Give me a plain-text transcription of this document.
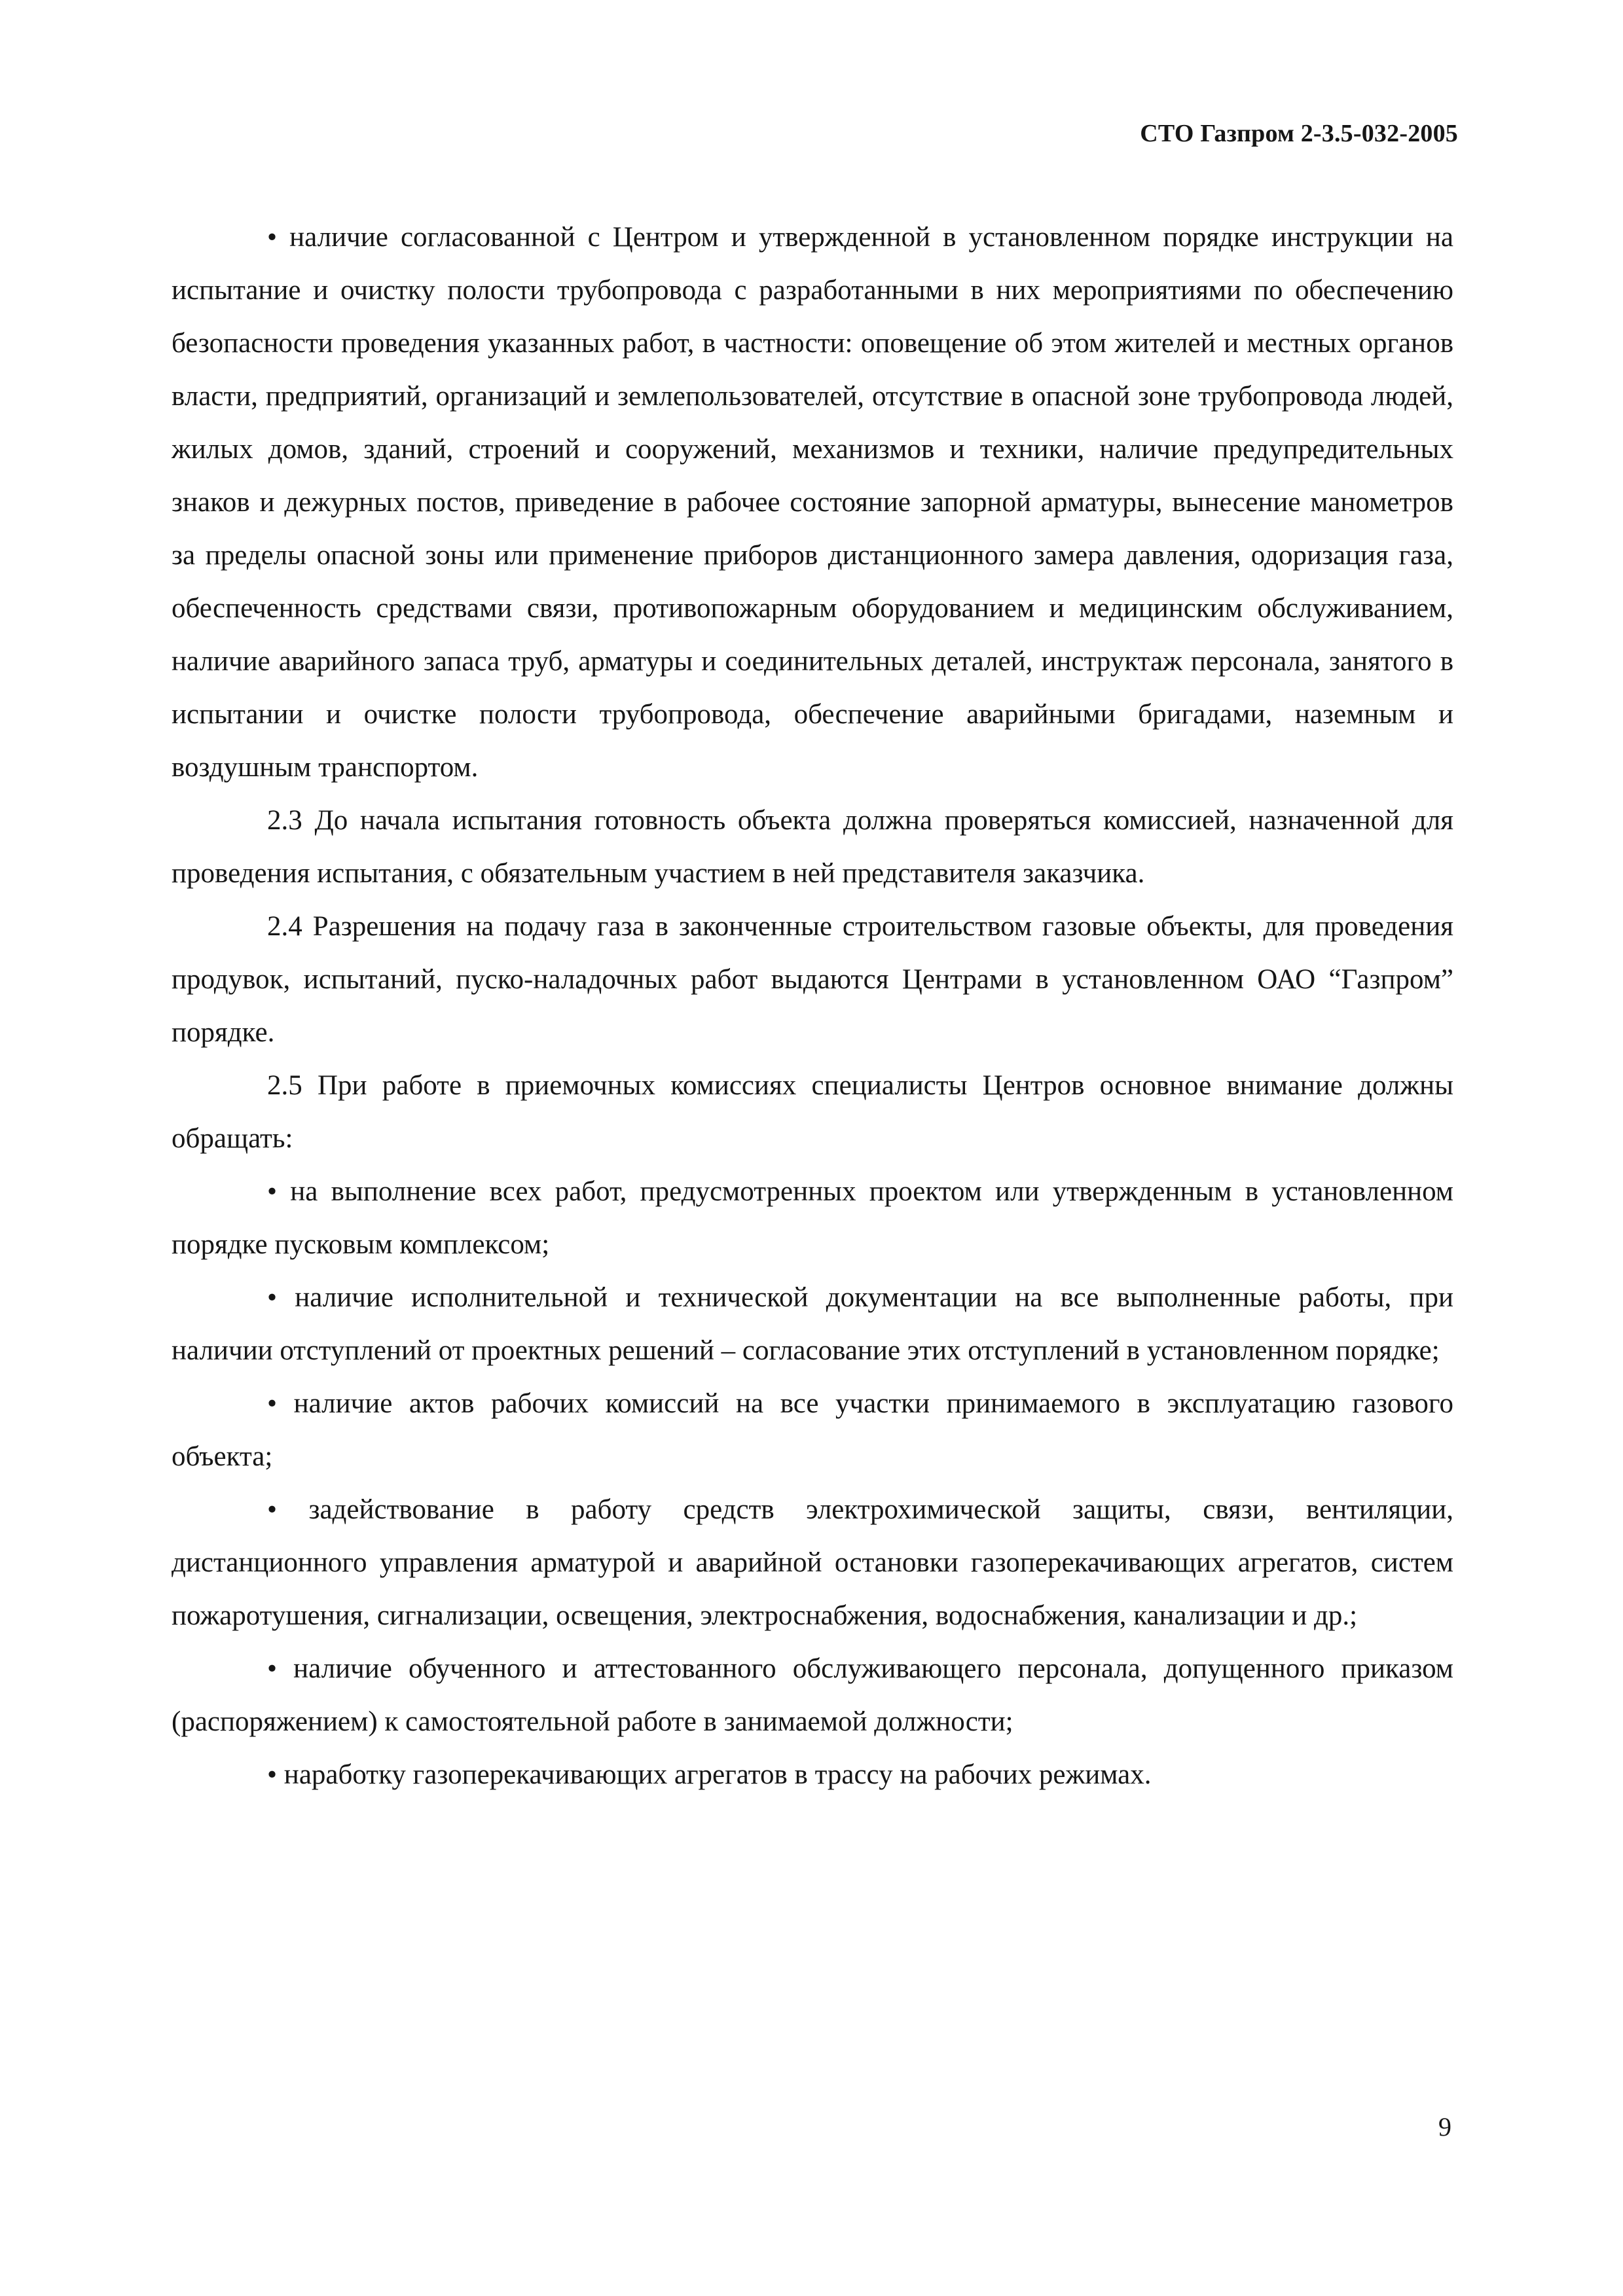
СТО Газпром 2-3.5-032-2005

• наличие согласованной с Центром и утвержденной в установленном порядке инструкции на испытание и очистку полости трубопровода с разработанными в них мероприятиями по обеспечению безопасности проведения указанных работ, в частности: оповещение об этом жителей и местных органов власти, предприятий, организаций и землепользователей, отсутствие в опасной зоне трубопровода людей, жилых домов, зданий, строений и сооружений, механизмов и техники, наличие предупредительных знаков и дежурных постов, приведение в рабочее состояние запорной арматуры, вынесение манометров за пределы опасной зоны или применение приборов дистанционного замера давления, одоризация газа, обеспеченность средствами связи, противопожарным оборудованием и медицинским обслуживанием, наличие аварийного запаса труб, арматуры и соединительных деталей, инструктаж персонала, занятого в испытании и очистке полости трубопровода, обеспечение аварийными бригадами, наземным и воздушным транспортом.

2.3 До начала испытания готовность объекта должна проверяться комиссией, назначенной для проведения испытания, с обязательным участием в ней представителя заказчика.

2.4 Разрешения на подачу газа в законченные строительством газовые объекты, для проведения продувок, испытаний, пуско-наладочных работ выдаются Центрами в установленном ОАО “Газпром” порядке.

2.5 При работе в приемочных комиссиях специалисты Центров основное внимание должны обращать:

• на выполнение всех работ, предусмотренных проектом или утвержденным в установленном порядке пусковым комплексом;

• наличие исполнительной и технической документации на все выполненные работы, при наличии отступлений от проектных решений – согласование этих отступлений в установленном порядке;

• наличие актов рабочих комиссий на все участки принимаемого в эксплуатацию газового объекта;

• задействование в работу средств электрохимической защиты, связи, вентиляции, дистанционного управления арматурой и аварийной остановки газоперекачивающих агрегатов, систем пожаротушения, сигнализации, освещения, электроснабжения, водоснабжения, канализации и др.;

• наличие обученного и аттестованного обслуживающего персонала, допущенного приказом (распоряжением) к самостоятельной работе в занимаемой должности;

• наработку газоперекачивающих агрегатов в трассу на рабочих режимах.

9
